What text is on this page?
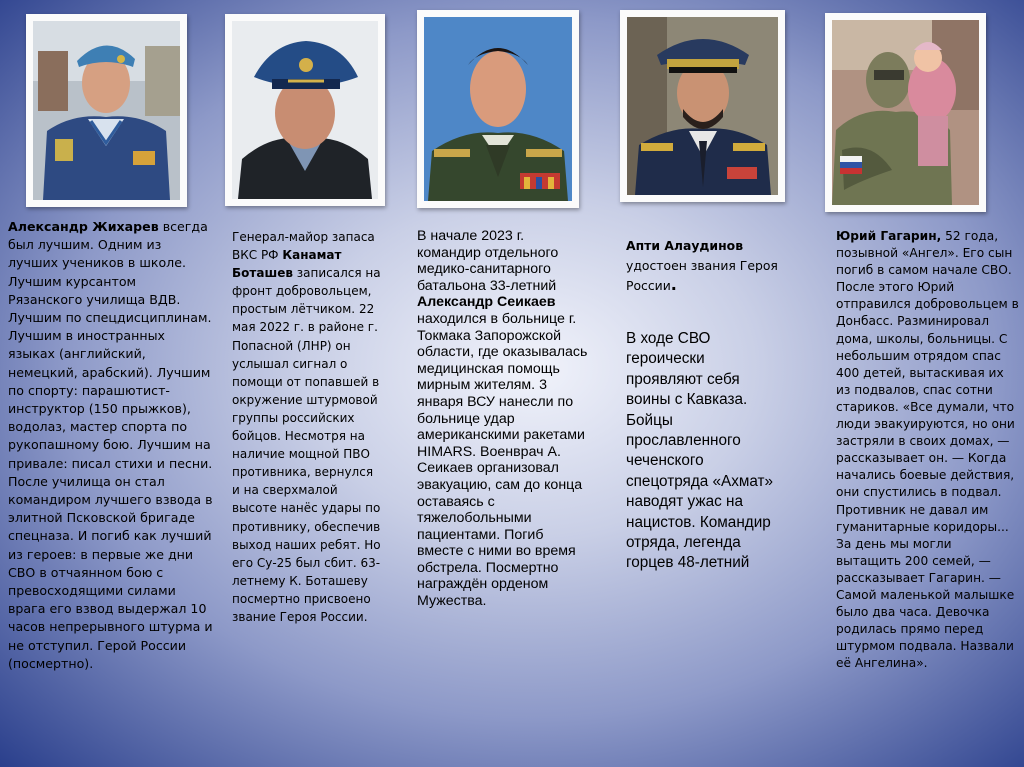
Александр Жихарев всегда был лучшим. Одним из лучших учеников в школе. Лучшим курсантом Рязанского училища ВДВ. Лучшим по спецдисциплинам. Лучшим в иностранных языках (английский, немецкий, арабский). Лучшим по спорту: парашютист-инструктор (150 прыжков), водолаз, мастер спорта по рукопашному бою. Лучшим на привале: писал стихи и песни. После училища он стал командиром лучшего взвода в элитной Псковской бригаде спецназа. И погиб как лучший из героев: в первые же дни СВО в отчаянном бою с превосходящими силами врага его взвод выдержал 10 часов непрерывного штурма и не отступил. Герой России (посмертно).

Генерал-майор запаса ВКС РФ Канамат Боташев записался на фронт добровольцем, простым лётчиком. 22 мая 2022 г. в районе г. Попасной (ЛНР) он услышал сигнал о помощи от попавшей в окружение штурмовой группы российских бойцов. Несмотря на наличие мощной ПВО противника, вернулся и на сверхмалой высоте нанёс удары по противнику, обеспечив выход наших ребят. Но его Су-25 был сбит. 63-летнему К. Боташеву посмертно присвоено звание Героя России.

В начале 2023 г. командир отдельного медико-санитарного батальона 33-летний Александр Сеикаев находился в больнице г. Токмака Запорожской области, где оказывалась медицинская помощь мирным жителям. 3 января ВСУ нанесли по больнице удар американскими ракетами HIMARS. Военврач А. Сеикаев организовал эвакуацию, сам до конца оставаясь с тяжелобольными пациентами. Погиб вместе с ними во время обстрела. Посмертно награждён орденом Мужества.

Апти Алаудинов удостоен звания Героя России.

В ходе СВО героически проявляют себя воины с Кавказа. Бойцы прославленного чеченского спецотряда «Ахмат» наводят ужас на нацистов. Командир отряда, легенда горцев 48-летний

Юрий Гагарин, 52 года, позывной «Ангел». Его сын погиб в самом начале СВО. После этого Юрий отправился добровольцем в Донбасс. Разминировал дома, школы, больницы. С небольшим отрядом спас 400 детей, вытаскивая их из подвалов, спас сотни стариков. «Все думали, что люди эвакуируются, но они застряли в своих домах, — рассказывает он. — Когда начались боевые действия, они спустились в подвал. Противник не давал им гуманитарные коридоры... За день мы могли вытащить 200 семей, — рассказывает Гагарин. — Самой маленькой малышке было два часа. Девочка родилась прямо перед штурмом подвала. Назвали её Ангелина».
